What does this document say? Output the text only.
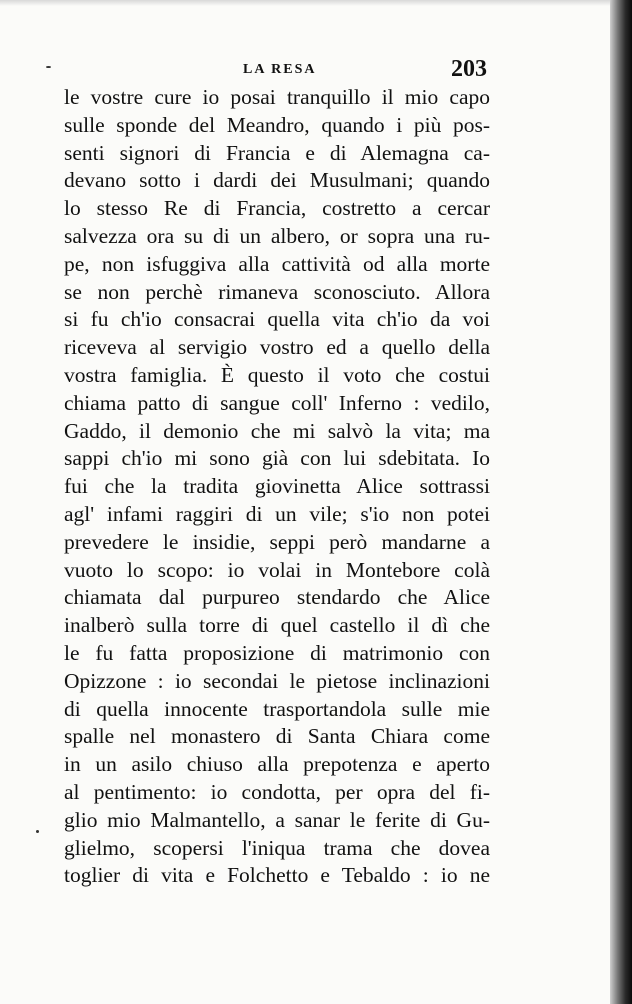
LA RESA	203
le vostre cure io posai tranquillo il mio capo
sulle sponde del Meandro, quando i più pos-
senti signori di Francia e di Alemagna ca-
devano sotto i dardi dei Musulmani; quando
lo stesso Re di Francia, costretto a cercar
salvezza ora su di un albero, or sopra una ru-
pe, non isfuggiva alla cattività od alla morte
se non perchè rimaneva sconosciuto. Allora
si fu ch'io consacrai quella vita ch'io da voi
riceveva al servigio vostro ed a quello della
vostra famiglia. È questo il voto che costui
chiama patto di sangue coll' Inferno : vedilo,
Gaddo, il demonio che mi salvò la vita; ma
sappi ch'io mi sono già con lui sdebitata. Io
fui che la tradita giovinetta Alice sottrassi
agl' infami raggiri di un vile; s'io non potei
prevedere le insidie, seppi però mandarne a
vuoto lo scopo: io volai in Montebore colà
chiamata dal purpureo stendardo che Alice
inalberò sulla torre di quel castello il dì che
le fu fatta proposizione di matrimonio con
Opizzone : io secondai le pietose inclinazioni
di quella innocente trasportandola sulle mie
spalle nel monastero di Santa Chiara come
in un asilo chiuso alla prepotenza e aperto
al pentimento: io condotta, per opra del fi-
glio mio Malmantello, a sanar le ferite di Gu-
glielmo, scopersi l'iniqua trama che dovea
toglier di vita e Folchetto e Tebaldo : io ne
